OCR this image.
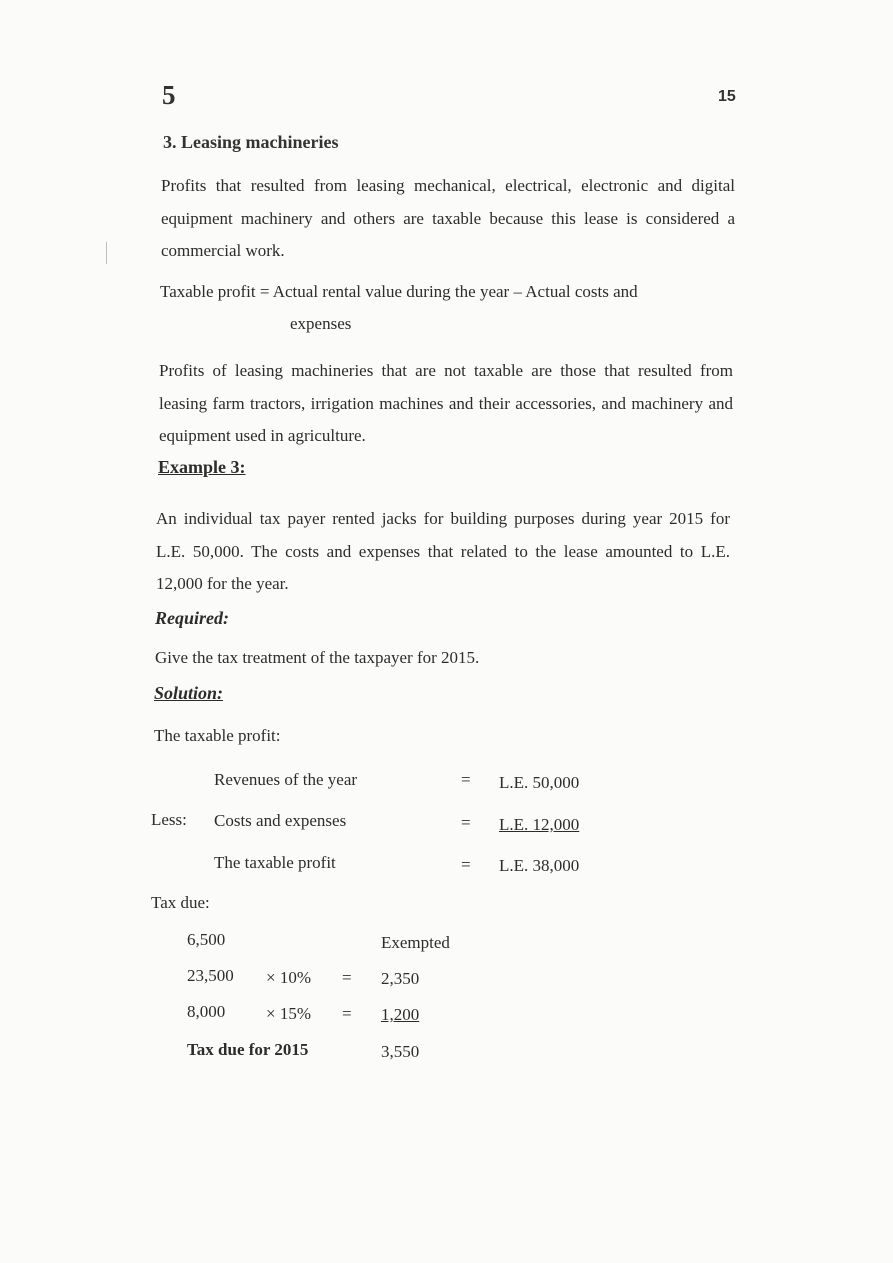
5	15
3. Leasing machineries
Profits that resulted from leasing mechanical, electrical, electronic and digital equipment machinery and others are taxable because this lease is considered a commercial work.
Taxable profit = Actual rental value during the year – Actual costs and
expenses
Profits of leasing machineries that are not taxable are those that resulted from leasing farm tractors, irrigation machines and their accessories, and machinery and equipment used in agriculture.
Example 3:
An individual tax payer rented jacks for building purposes during year 2015 for L.E. 50,000. The costs and expenses that related to the lease amounted to L.E. 12,000 for the year.
Required:
Give the tax treatment of the taxpayer for 2015.
Solution:
The taxable profit:
Revenues of the year	= L.E. 50,000
Less: Costs and expenses	= L.E. 12,000
The taxable profit	= L.E. 38,000
Tax due:
6,500	Exempted
23,500 × 10% = 2,350
8,000 × 15% = 1,200
Tax due for 2015	3,550
